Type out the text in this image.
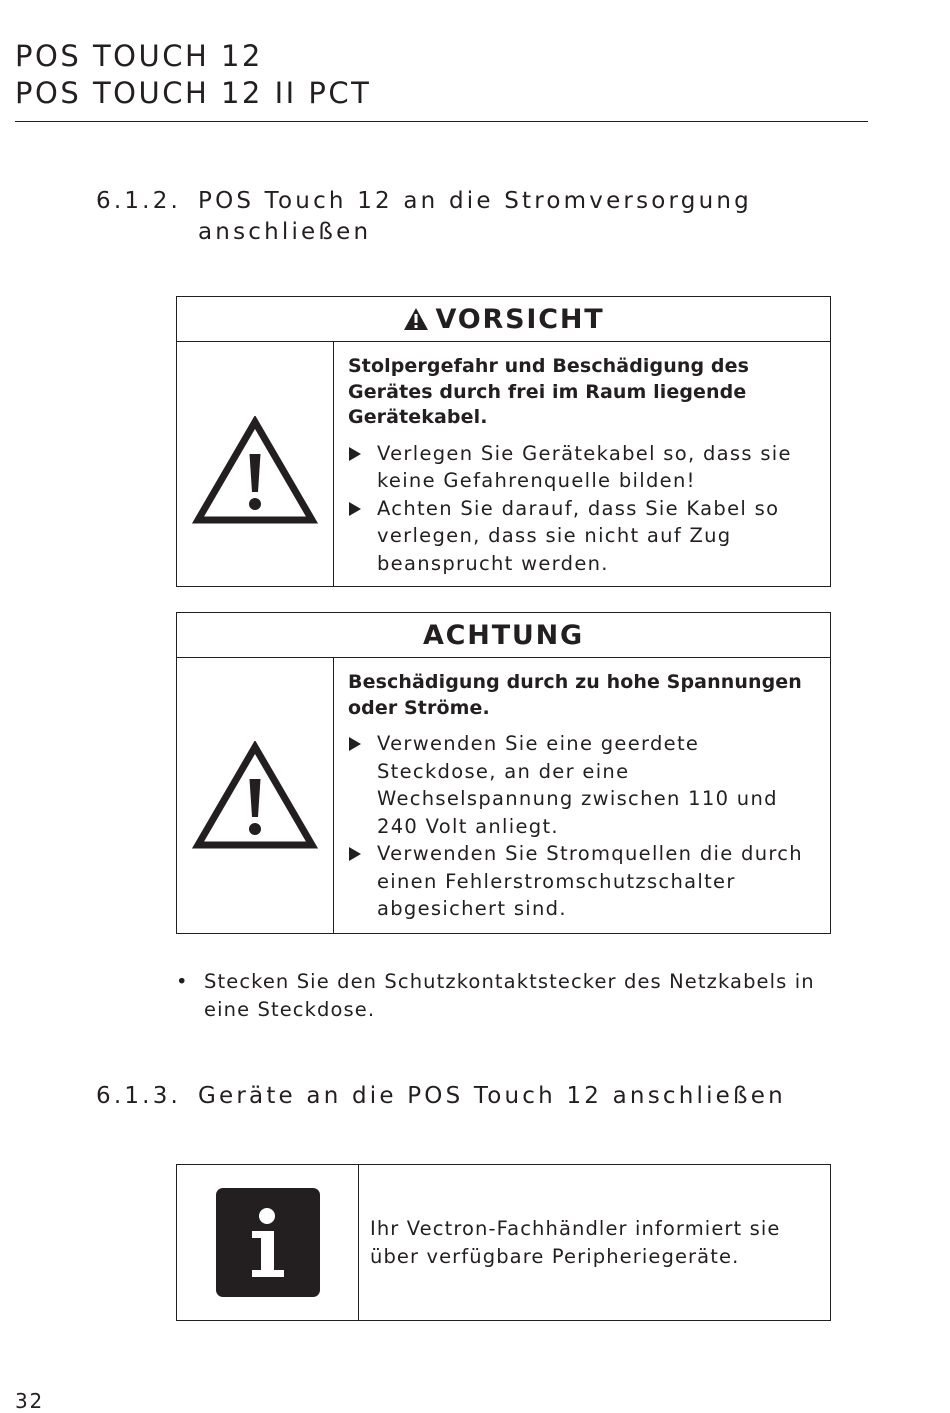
POS TOUCH 12
POS TOUCH 12 II PCT
6.1.2. POS Touch 12 an die Stromversorgung
anschließen
VORSICHT
Stolpergefahr und Beschädigung des Gerätes durch frei im Raum liegende Gerätekabel.
Verlegen Sie Gerätekabel so, dass sie keine Gefahrenquelle bilden!
Achten Sie darauf, dass Sie Kabel so verlegen, dass sie nicht auf Zug beansprucht werden.
ACHTUNG
Beschädigung durch zu hohe Spannungen oder Ströme.
Verwenden Sie eine geerdete Steckdose, an der eine Wechselspannung zwischen 110 und 240 Volt anliegt.
Verwenden Sie Stromquellen die durch einen Fehlerstromschutzschalter abgesichert sind.
• Stecken Sie den Schutzkontaktstecker des Netzkabels in eine Steckdose.
6.1.3. Geräte an die POS Touch 12 anschließen
Ihr Vectron-Fachhändler informiert sie über verfügbare Peripheriegeräte.
32
